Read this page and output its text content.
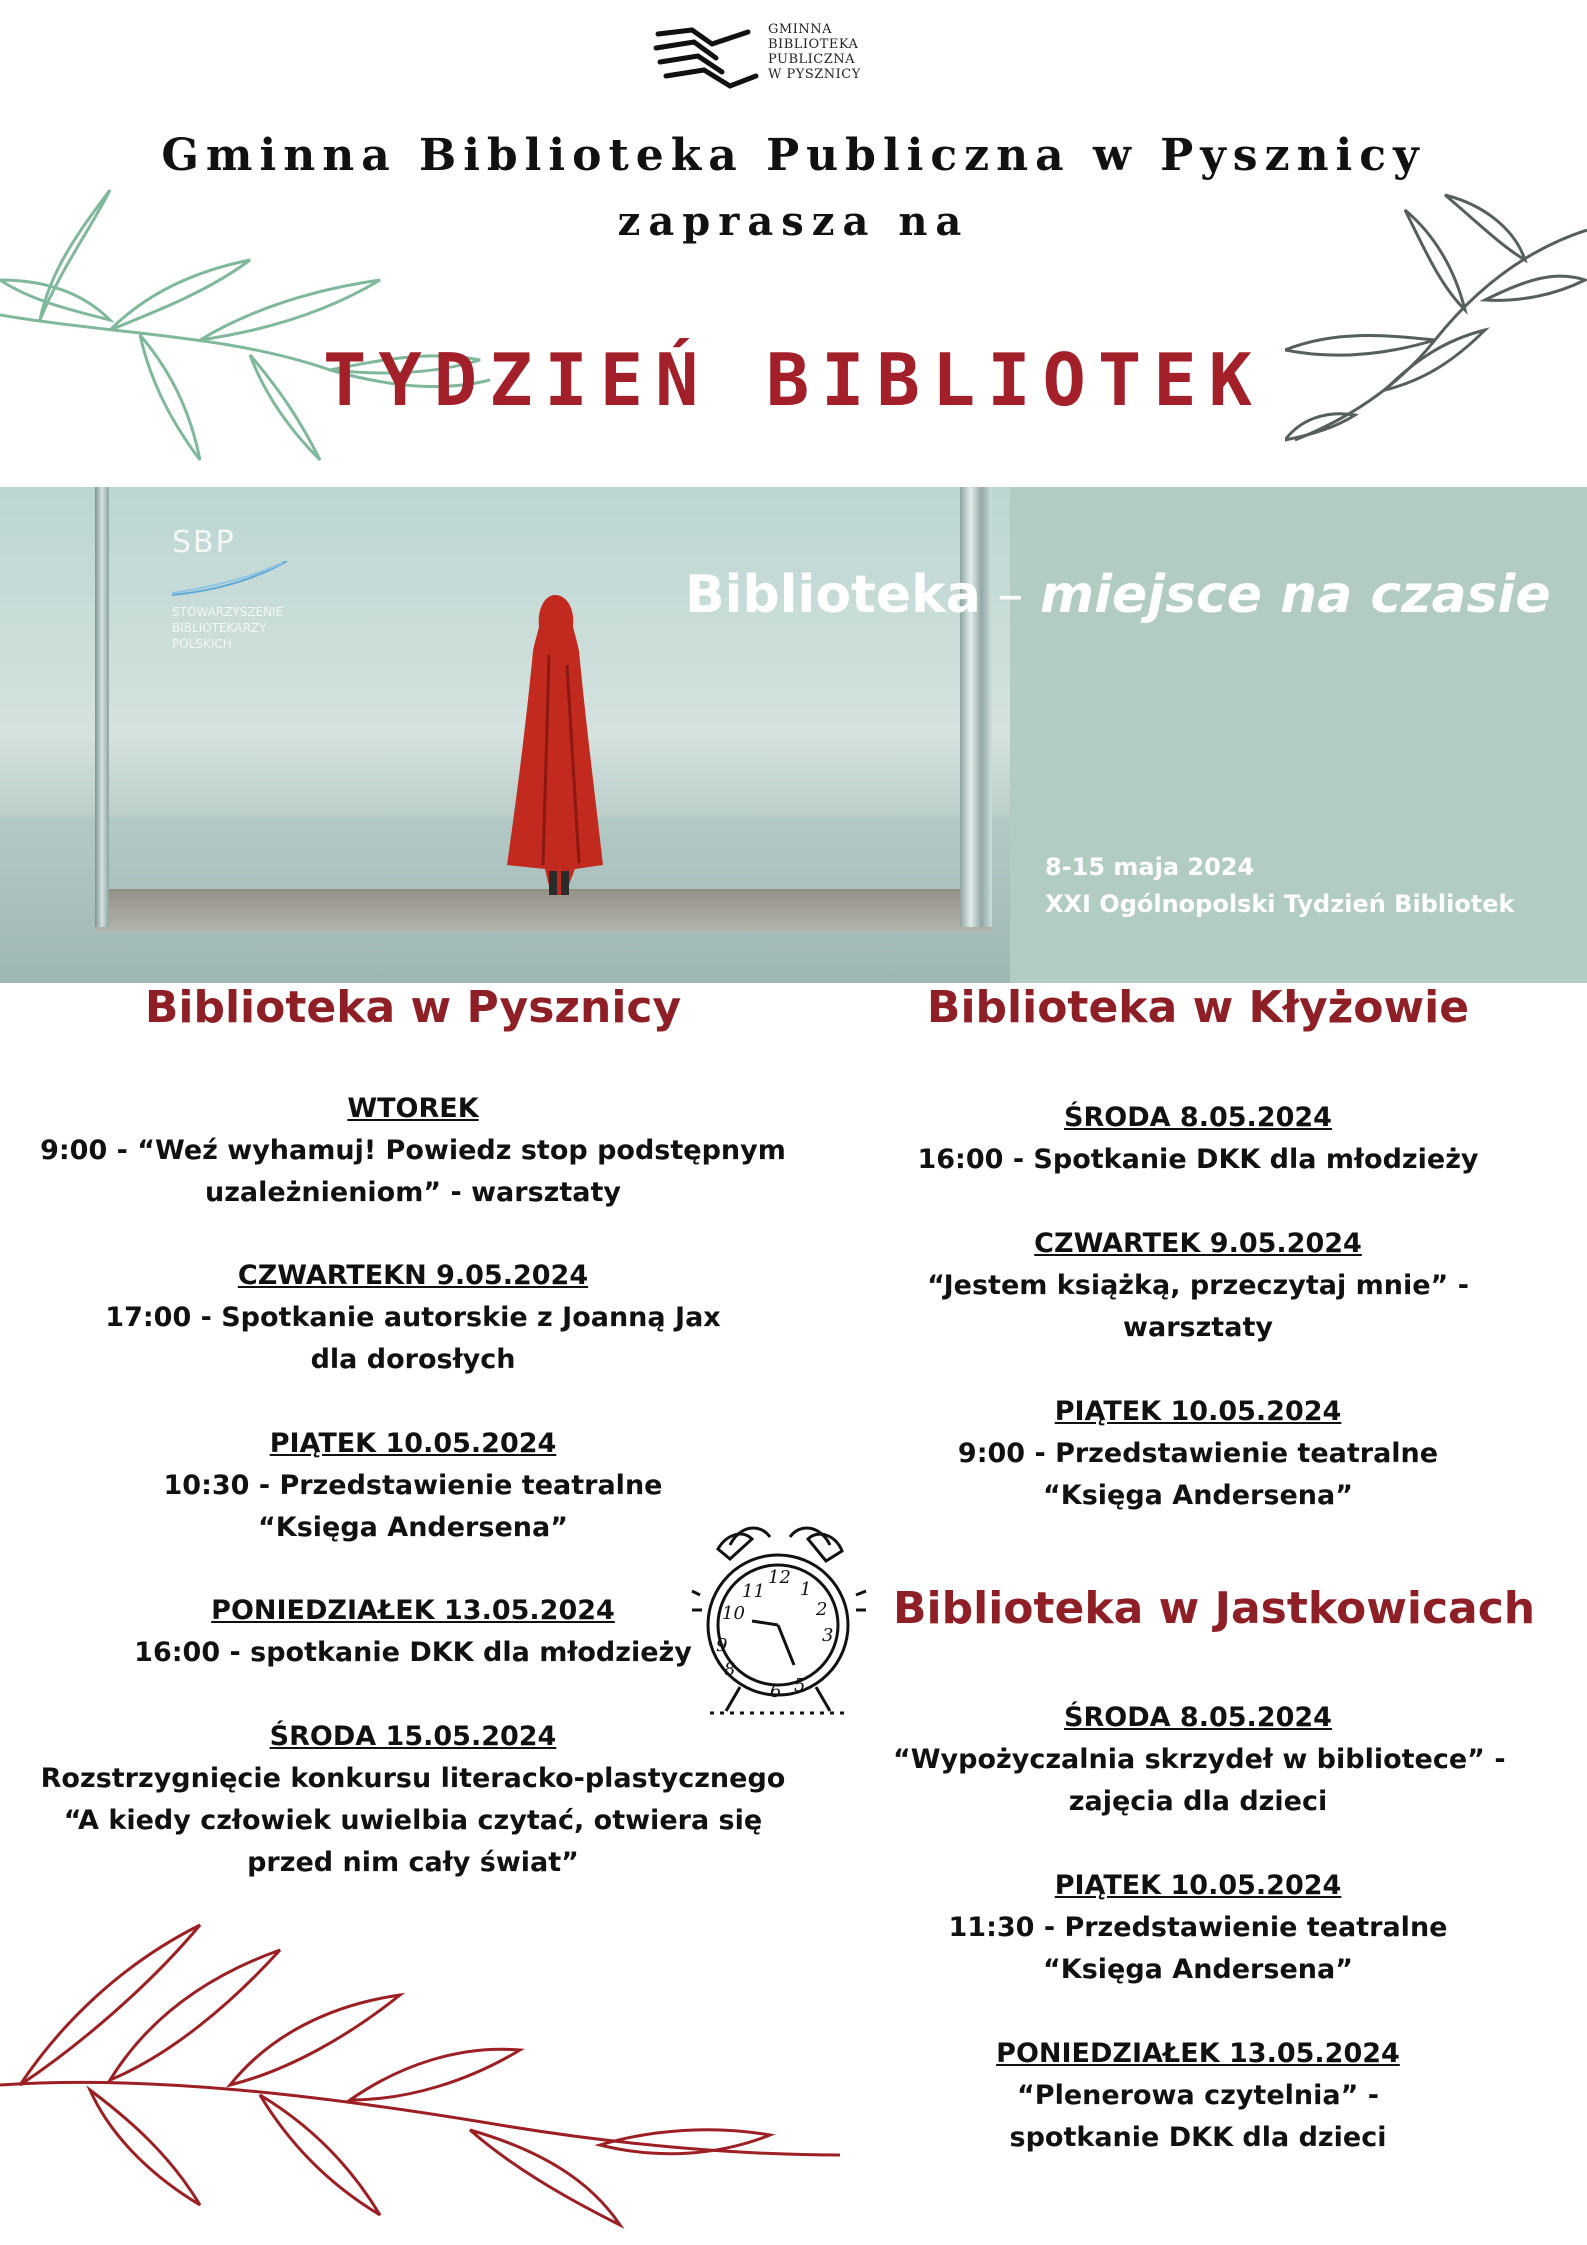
GMINNA
BIBLIOTEKA
PUBLICZNA
W PYSZNICY
Gminna Biblioteka Publiczna w Pysznicy
zaprasza na
TYDZIEŃ BIBLIOTEK
SBP
STOWARZYSZENIE
BIBLIOTEKARZY
POLSKICH
Biblioteka – miejsce na czasie
8-15 maja 2024
XXI Ogólnopolski Tydzień Bibliotek
Biblioteka w Pysznicy
WTOREK
9:00 - “Weź wyhamuj! Powiedz stop podstępnym
uzależnieniom” - warsztaty
CZWARTEKN 9.05.2024
17:00 - Spotkanie autorskie z Joanną Jax
dla dorosłych
PIĄTEK 10.05.2024
10:30 - Przedstawienie teatralne
“Księga Andersena”
PONIEDZIAŁEK 13.05.2024
16:00 - spotkanie DKK dla młodzieży
ŚRODA 15.05.2024
Rozstrzygnięcie konkursu literacko-plastycznego
“A kiedy człowiek uwielbia czytać, otwiera się
przed nim cały świat”
12
1
2
3
5
6
8
9
10
11
Biblioteka w Kłyżowie
ŚRODA 8.05.2024
16:00 - Spotkanie DKK dla młodzieży
CZWARTEK 9.05.2024
“Jestem książką, przeczytaj mnie” -
warsztaty
PIĄTEK 10.05.2024
9:00 - Przedstawienie teatralne
“Księga Andersena”
Biblioteka w Jastkowicach
ŚRODA 8.05.2024
“Wypożyczalnia skrzydeł w bibliotece” -
zajęcia dla dzieci
PIĄTEK 10.05.2024
11:30 - Przedstawienie teatralne
“Księga Andersena”
PONIEDZIAŁEK 13.05.2024
“Plenerowa czytelnia” -
spotkanie DKK dla dzieci
